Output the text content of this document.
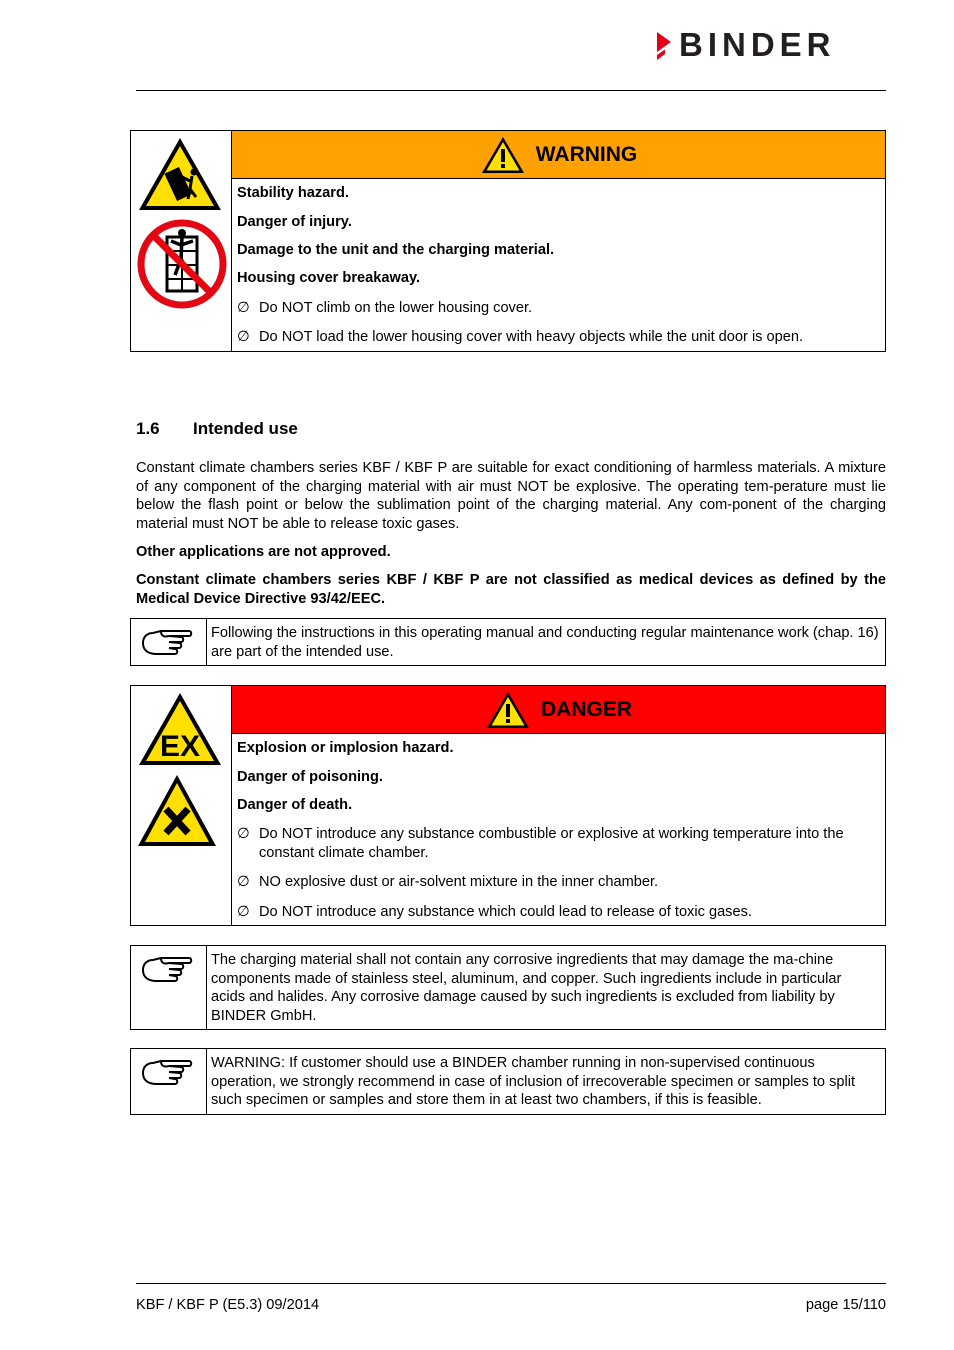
BINDER
WARNING
Stability hazard.
Danger of injury.
Damage to the unit and the charging material.
Housing cover breakaway.
∅ Do NOT climb on the lower housing cover.
∅ Do NOT load the lower housing cover with heavy objects while the unit door is open.
1.6 Intended use
Constant climate chambers series KBF / KBF P are suitable for exact conditioning of harmless materials. A mixture of any component of the charging material with air must NOT be explosive. The operating tem-perature must lie below the flash point or below the sublimation point of the charging material. Any com-ponent of the charging material must NOT be able to release toxic gases.
Other applications are not approved.
Constant climate chambers series KBF / KBF P are not classified as medical devices as defined by the Medical Device Directive 93/42/EEC.
Following the instructions in this operating manual and conducting regular maintenance work (chap. 16) are part of the intended use.
EX
DANGER
Explosion or implosion hazard.
Danger of poisoning.
Danger of death.
∅ Do NOT introduce any substance combustible or explosive at working temperature into the constant climate chamber.
∅ NO explosive dust or air-solvent mixture in the inner chamber.
∅ Do NOT introduce any substance which could lead to release of toxic gases.
The charging material shall not contain any corrosive ingredients that may damage the ma-chine components made of stainless steel, aluminum, and copper. Such ingredients include in particular acids and halides. Any corrosive damage caused by such ingredients is excluded from liability by BINDER GmbH.
WARNING: If customer should use a BINDER chamber running in non-supervised continuous operation, we strongly recommend in case of inclusion of irrecoverable specimen or samples to split such specimen or samples and store them in at least two chambers, if this is feasible.
KBF / KBF P (E5.3) 09/2014	page 15/110
